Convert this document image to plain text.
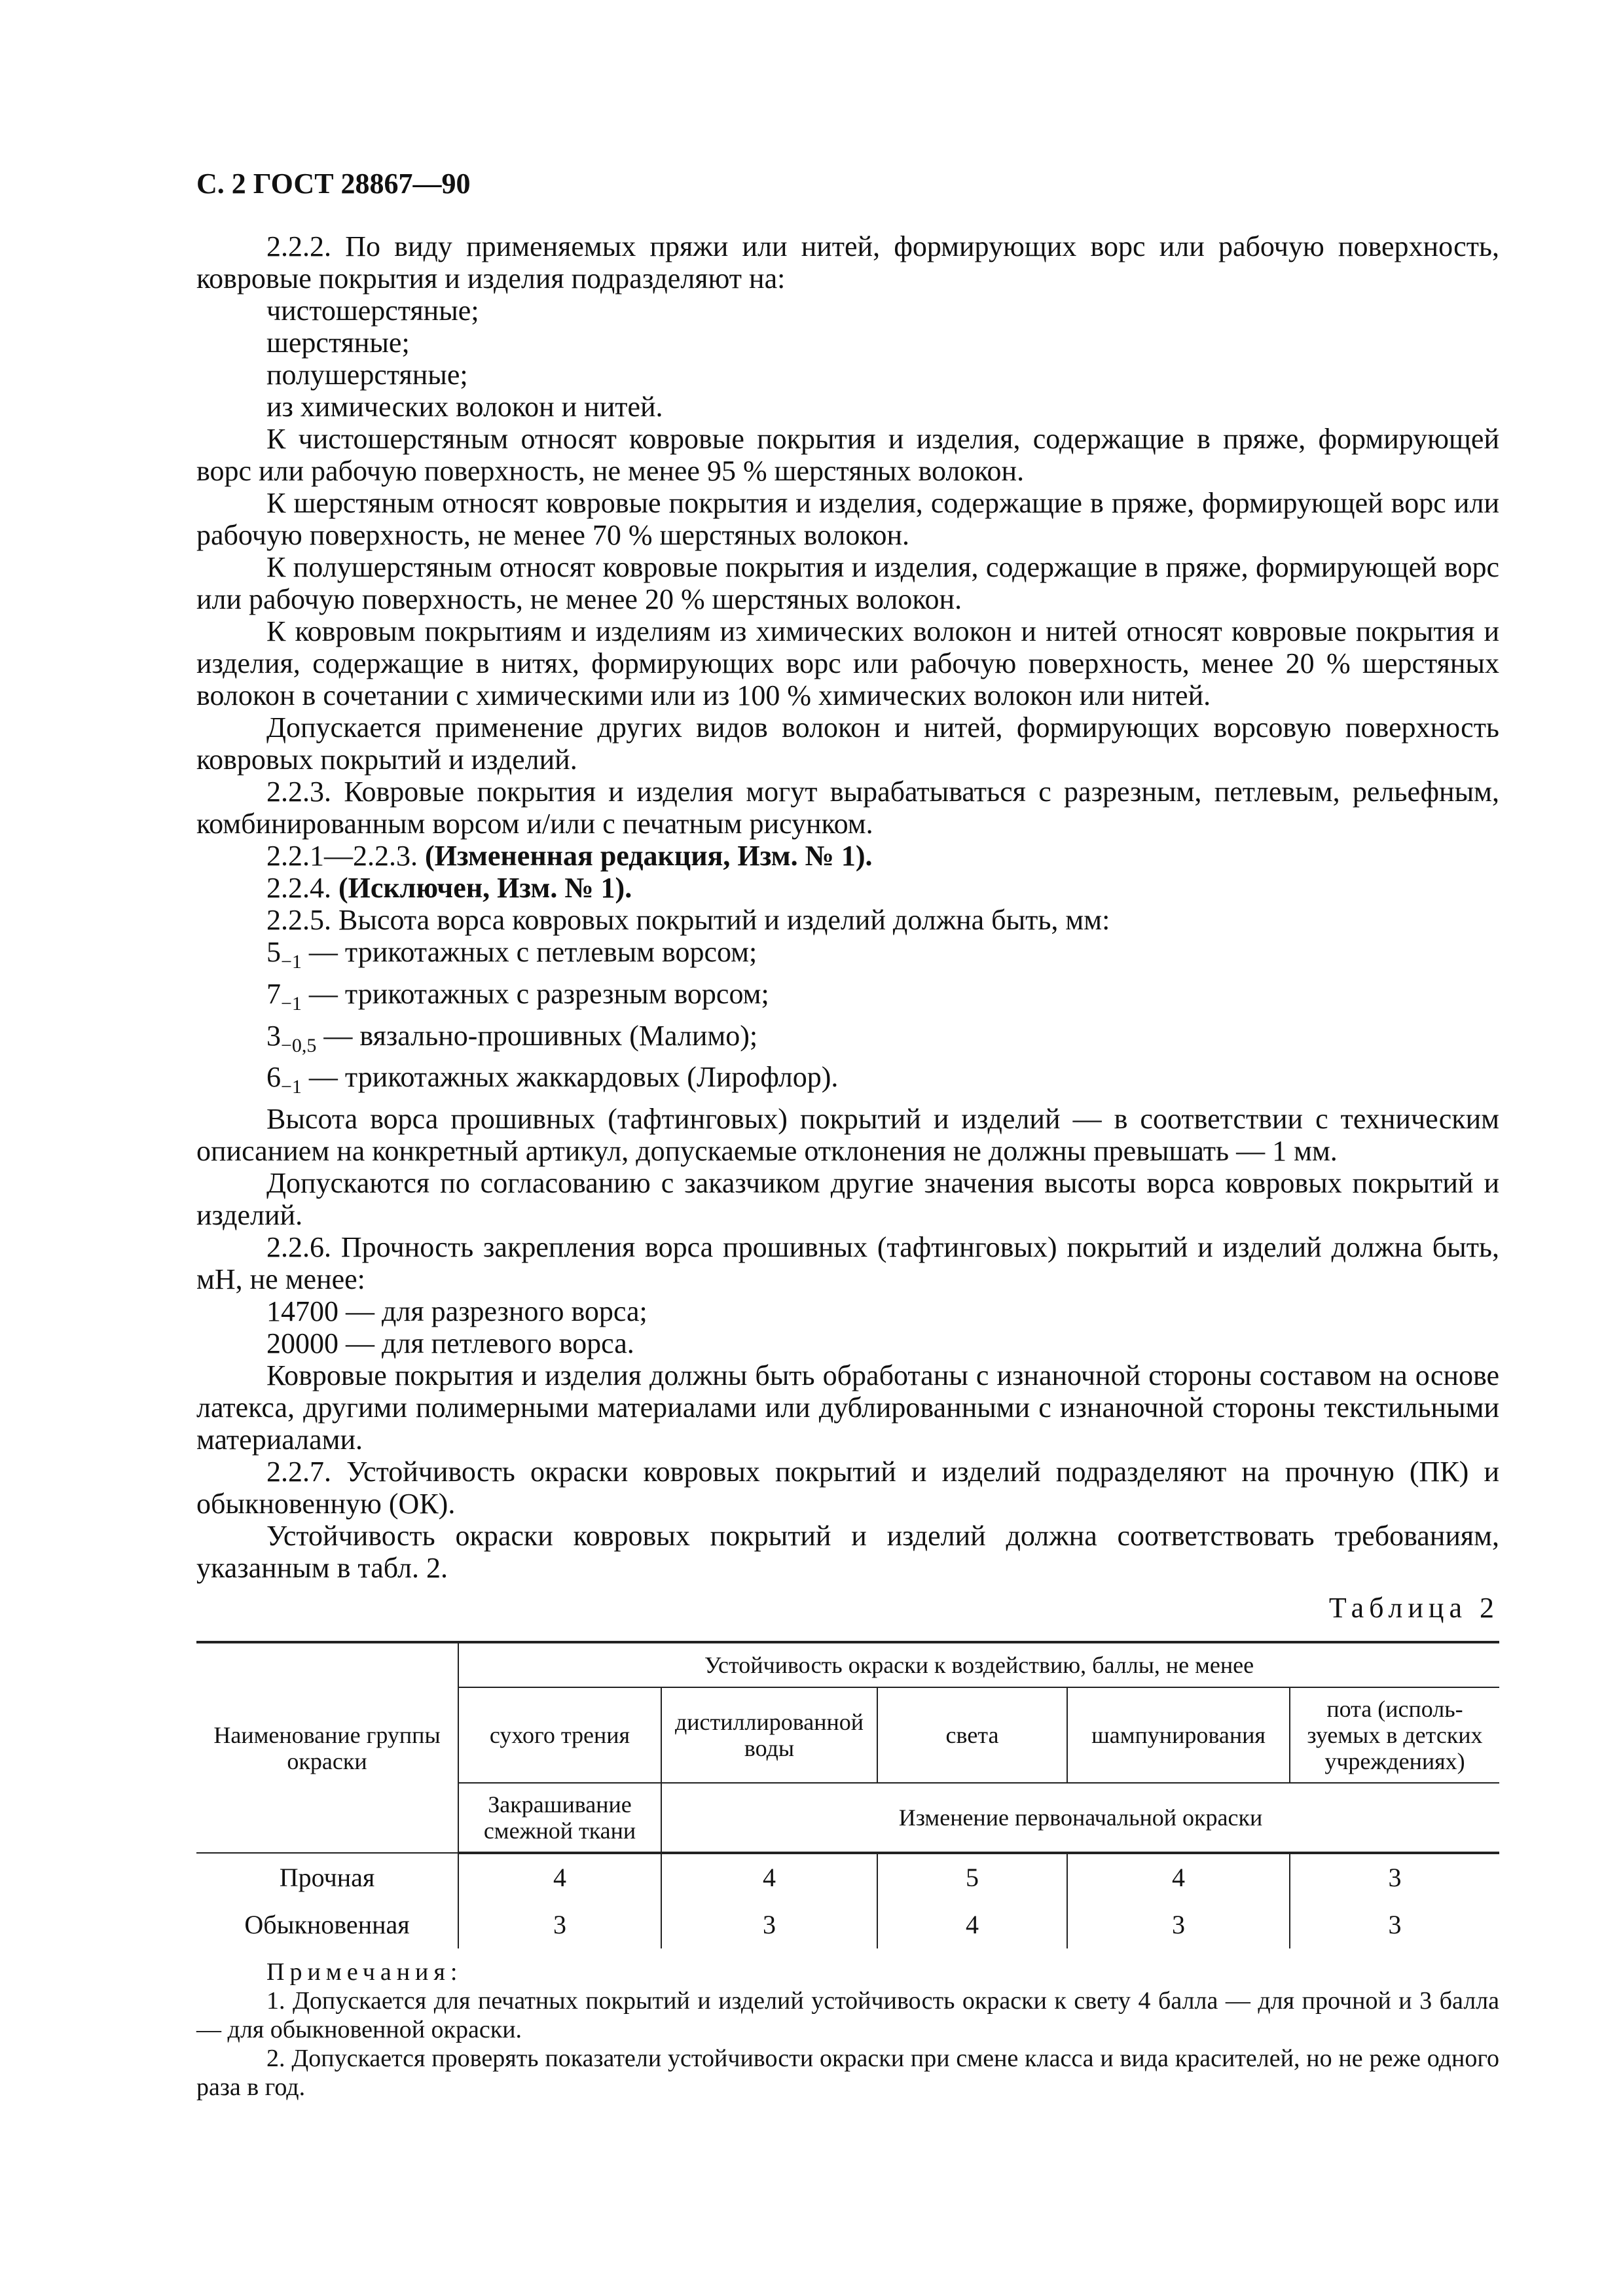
С. 2 ГОСТ 28867—90

2.2.2. По виду применяемых пряжи или нитей, формирующих ворс или рабочую поверхность, ковровые покрытия и изделия подразделяют на:

чистошерстяные;

шерстяные;

полушерстяные;

из химических волокон и нитей.

К чистошерстяным относят ковровые покрытия и изделия, содержащие в пряже, формирующей ворс или рабочую поверхность, не менее 95 % шерстяных волокон.

К шерстяным относят ковровые покрытия и изделия, содержащие в пряже, формирующей ворс или рабочую поверхность, не менее 70 % шерстяных волокон.

К полушерстяным относят ковровые покрытия и изделия, содержащие в пряже, формирующей ворс или рабочую поверхность, не менее 20 % шерстяных волокон.

К ковровым покрытиям и изделиям из химических волокон и нитей относят ковровые покрытия и изделия, содержащие в нитях, формирующих ворс или рабочую поверхность, менее 20 % шерстяных волокон в сочетании с химическими или из 100 % химических волокон или нитей.

Допускается применение других видов волокон и нитей, формирующих ворсовую поверхность ковровых покрытий и изделий.

2.2.3. Ковровые покрытия и изделия могут вырабатываться с разрезным, петлевым, рельефным, комбинированным ворсом и/или с печатным рисунком.

2.2.1—2.2.3. (Измененная редакция, Изм. № 1).

2.2.4. (Исключен, Изм. № 1).

2.2.5. Высота ворса ковровых покрытий и изделий должна быть, мм:

$5_{-1}$ — трикотажных с петлевым ворсом;

$7_{-1}$ — трикотажных с разрезным ворсом;

$3_{-0,5}$ — вязально-прошивных (Малимо);

$6_{-1}$ — трикотажных жаккардовых (Лирофлор).

Высота ворса прошивных (тафтинговых) покрытий и изделий — в соответствии с техническим описанием на конкретный артикул, допускаемые отклонения не должны превышать — 1 мм.

Допускаются по согласованию с заказчиком другие значения высоты ворса ковровых покрытий и изделий.

2.2.6. Прочность закрепления ворса прошивных (тафтинговых) покрытий и изделий должна быть, мН, не менее:

14700 — для разрезного ворса;

20000 — для петлевого ворса.

Ковровые покрытия и изделия должны быть обработаны с изнаночной стороны составом на основе латекса, другими полимерными материалами или дублированными с изнаночной стороны текстильными материалами.

2.2.7. Устойчивость окраски ковровых покрытий и изделий подразделяют на прочную (ПК) и обыкновенную (ОК).

Устойчивость окраски ковровых покрытий и изделий должна соответствовать требованиям, указанным в табл. 2.

Таблица 2
Наименование группы окраски	Устойчивость окраски к воздействию, баллы, не менее				
	сухого трения	дистиллированной воды	света	шампунирования	пота (исполь-зуемых в детских учреждениях)
	Закрашивание смежной ткани	Изменение первоначальной окраски			
Прочная	4	4	5	4	3
Обыкновенная	3	3	4	3	3
Примечания:

1. Допускается для печатных покрытий и изделий устойчивость окраски к свету 4 балла — для прочной и 3 балла — для обыкновенной окраски.

2. Допускается проверять показатели устойчивости окраски при смене класса и вида красителей, но не реже одного раза в год.
